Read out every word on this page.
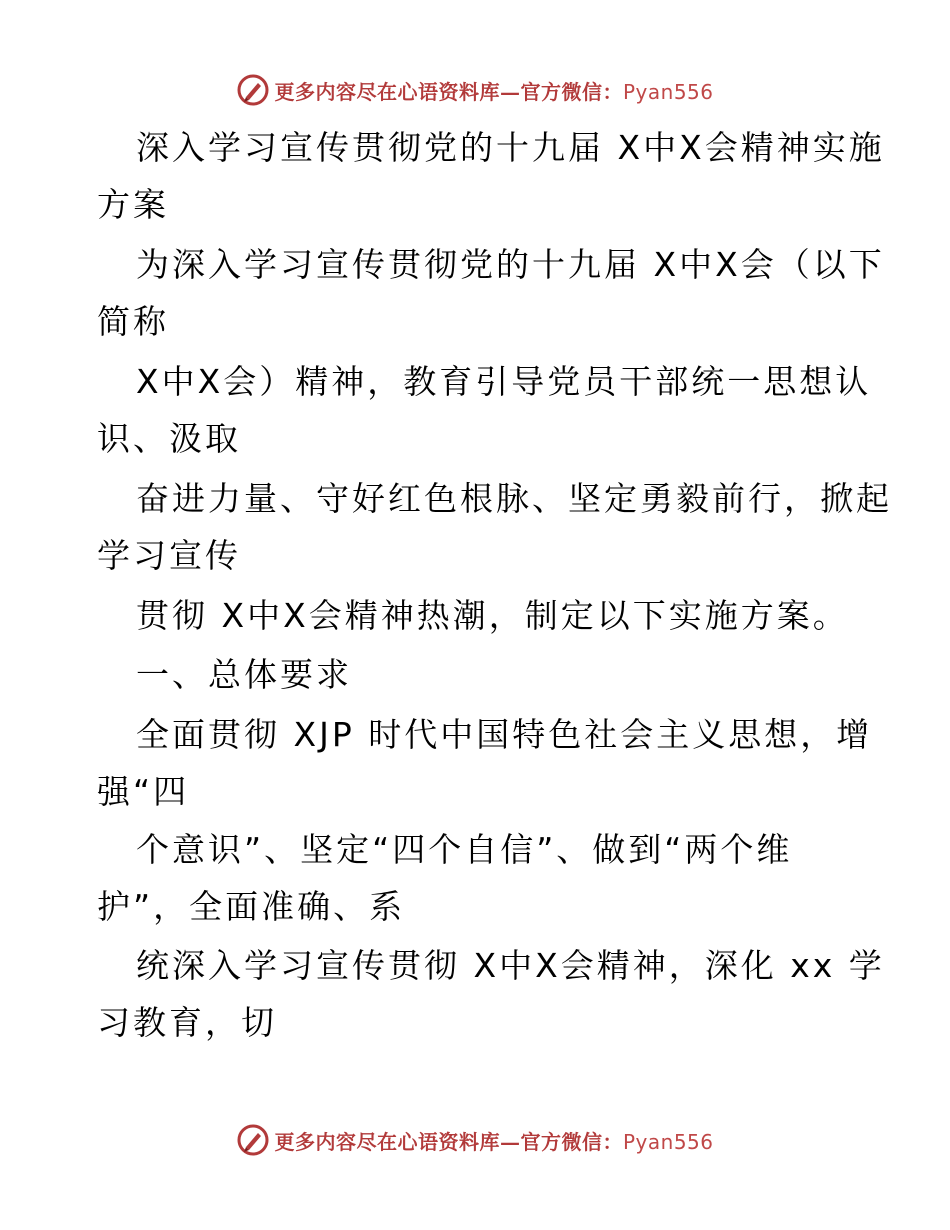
更多内容尽在心语资料库—官方微信：Pyan556
深入学习宣传贯彻党的十九届 X中X会精神实施
方案
为深入学习宣传贯彻党的十九届 X中X会（以下
简称
X中X会）精神，教育引导党员干部统一思想认
识、汲取
奋进力量、守好红色根脉、坚定勇毅前行，掀起
学习宣传
贯彻 X中X会精神热潮，制定以下实施方案。
一、总体要求
全面贯彻 XJP 时代中国特色社会主义思想，增
强“四
个意识”、坚定“四个自信”、做到“两个维
护”，全面准确、系
统深入学习宣传贯彻 X中X会精神，深化 xx 学
习教育，切
更多内容尽在心语资料库—官方微信：Pyan556
